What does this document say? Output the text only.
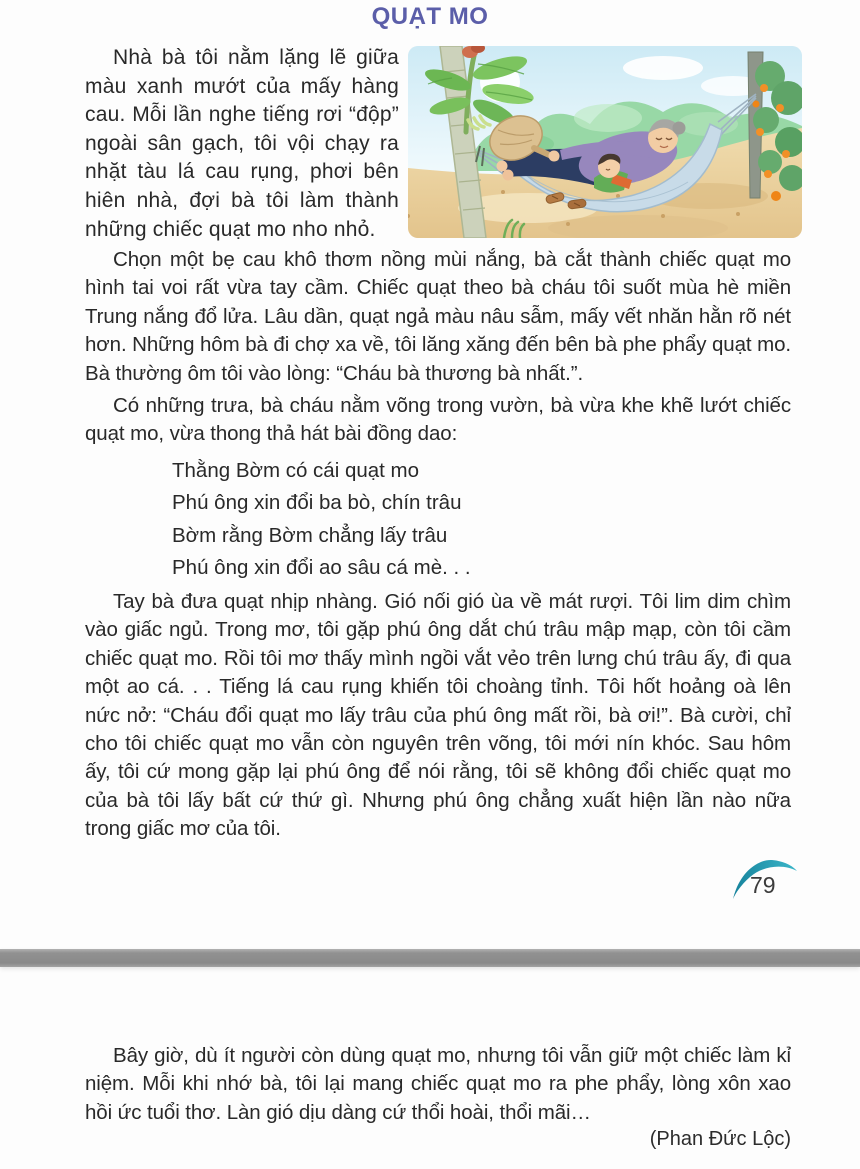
QUẠT MO

Nhà bà tôi nằm lặng lẽ giữa màu xanh mướt của mấy hàng cau. Mỗi lần nghe tiếng rơi “độp” ngoài sân gạch, tôi vội chạy ra nhặt tàu lá cau rụng, phơi bên hiên nhà, đợi bà tôi làm thành những chiếc quạt mo nho nhỏ.

Chọn một bẹ cau khô thơm nồng mùi nắng, bà cắt thành chiếc quạt mo hình tai voi rất vừa tay cầm. Chiếc quạt theo bà cháu tôi suốt mùa hè miền Trung nắng đổ lửa. Lâu dần, quạt ngả màu nâu sẫm, mấy vết nhăn hằn rõ nét hơn. Những hôm bà đi chợ xa về, tôi lăng xăng đến bên bà phe phẩy quạt mo. Bà thường ôm tôi vào lòng: “Cháu bà thương bà nhất.”.

Có những trưa, bà cháu nằm võng trong vườn, bà vừa khe khẽ lướt chiếc quạt mo, vừa thong thả hát bài đồng dao:

Thằng Bờm có cái quạt mo
Phú ông xin đổi ba bò, chín trâu
Bờm rằng Bờm chẳng lấy trâu
Phú ông xin đổi ao sâu cá mè. . .

Tay bà đưa quạt nhịp nhàng. Gió nối gió ùa về mát rượi. Tôi lim dim chìm vào giấc ngủ. Trong mơ, tôi gặp phú ông dắt chú trâu mập mạp, còn tôi cầm chiếc quạt mo. Rồi tôi mơ thấy mình ngồi vắt vẻo trên lưng chú trâu ấy, đi qua một ao cá. . . Tiếng lá cau rụng khiến tôi choàng tỉnh. Tôi hốt hoảng oà lên nức nở: “Cháu đổi quạt mo lấy trâu của phú ông mất rồi, bà ơi!”. Bà cười, chỉ cho tôi chiếc quạt mo vẫn còn nguyên trên võng, tôi mới nín khóc. Sau hôm ấy, tôi cứ mong gặp lại phú ông để nói rằng, tôi sẽ không đổi chiếc quạt mo của bà tôi lấy bất cứ thứ gì. Nhưng phú ông chẳng xuất hiện lần nào nữa trong giấc mơ của tôi.

79

Bây giờ, dù ít người còn dùng quạt mo, nhưng tôi vẫn giữ một chiếc làm kỉ niệm. Mỗi khi nhớ bà, tôi lại mang chiếc quạt mo ra phe phẩy, lòng xôn xao hồi ức tuổi thơ. Làn gió dịu dàng cứ thổi hoài, thổi mãi…

(Phan Đức Lộc)
